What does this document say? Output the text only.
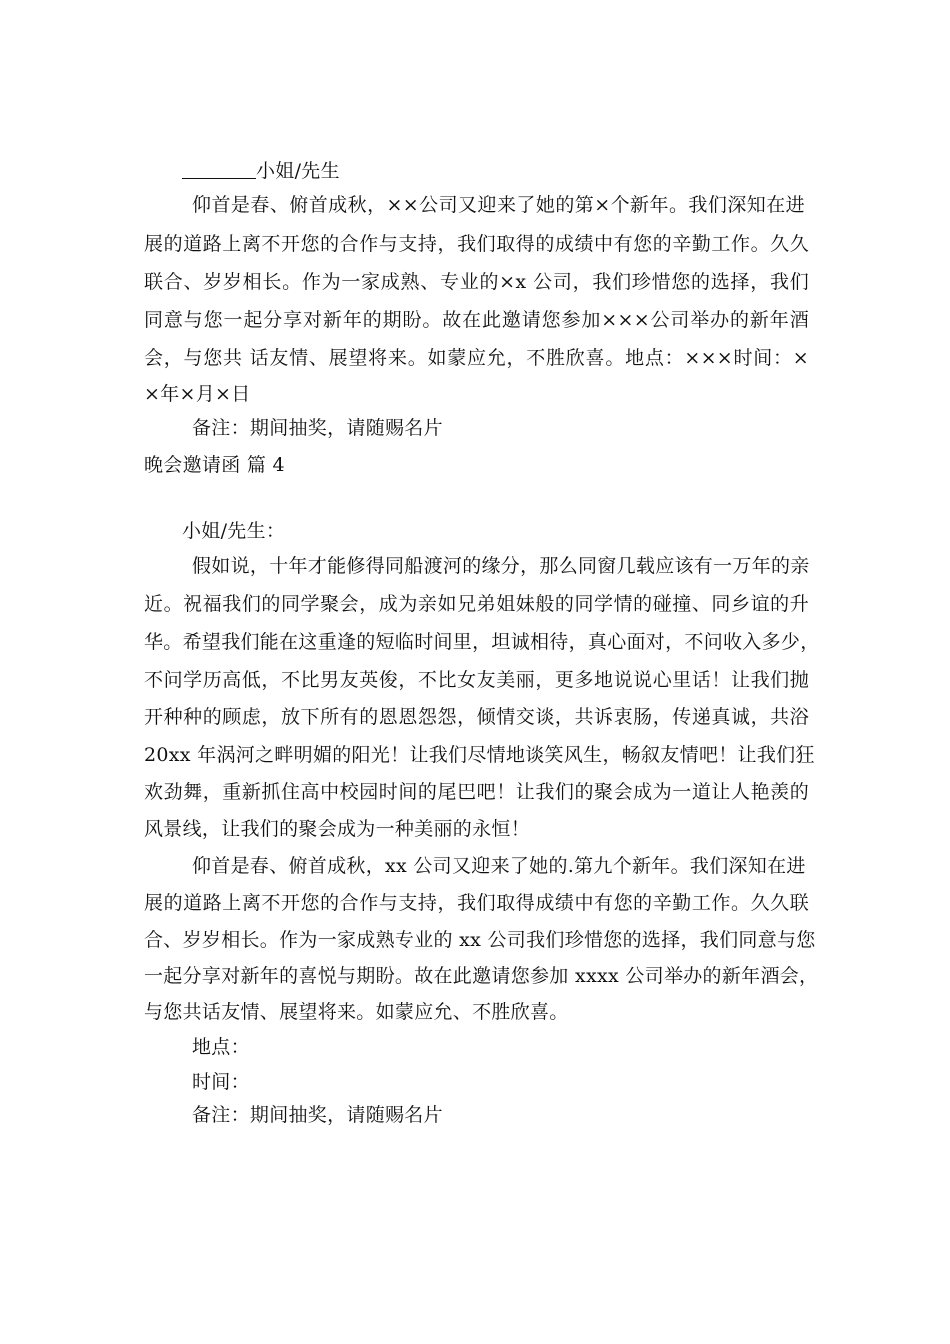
小姐/先生
仰首是春、俯首成秋，××公司又迎来了她的第×个新年。我们深知在进
展的道路上离不开您的合作与支持，我们取得的成绩中有您的辛勤工作。久久
联合、岁岁相长。作为一家成熟、专业的×x 公司，我们珍惜您的选择，我们
同意与您一起分享对新年的期盼。故在此邀请您参加×××公司举办的新年酒
会，与您共 话友情、展望将来。如蒙应允，不胜欣喜。地点：×××时间：×
×年×月×日
备注：期间抽奖，请随赐名片
晚会邀请函 篇 4
小姐/先生：
假如说，十年才能修得同船渡河的缘分，那么同窗几载应该有一万年的亲
近。祝福我们的同学聚会，成为亲如兄弟姐妹般的同学情的碰撞、同乡谊的升
华。希望我们能在这重逢的短临时间里，坦诚相待，真心面对，不问收入多少，
不问学历高低，不比男友英俊，不比女友美丽，更多地说说心里话！让我们抛
开种种的顾虑，放下所有的恩恩怨怨，倾情交谈，共诉衷肠，传递真诚，共浴
20xx 年涡河之畔明媚的阳光！让我们尽情地谈笑风生，畅叙友情吧！让我们狂
欢劲舞，重新抓住高中校园时间的尾巴吧！让我们的聚会成为一道让人艳羡的
风景线，让我们的聚会成为一种美丽的永恒！
仰首是春、俯首成秋，xx 公司又迎来了她的.第九个新年。我们深知在进
展的道路上离不开您的合作与支持，我们取得成绩中有您的辛勤工作。久久联
合、岁岁相长。作为一家成熟专业的 xx 公司我们珍惜您的选择，我们同意与您
一起分享对新年的喜悦与期盼。故在此邀请您参加 xxxx 公司举办的新年酒会，
与您共话友情、展望将来。如蒙应允、不胜欣喜。
地点：
时间：
备注：期间抽奖，请随赐名片
